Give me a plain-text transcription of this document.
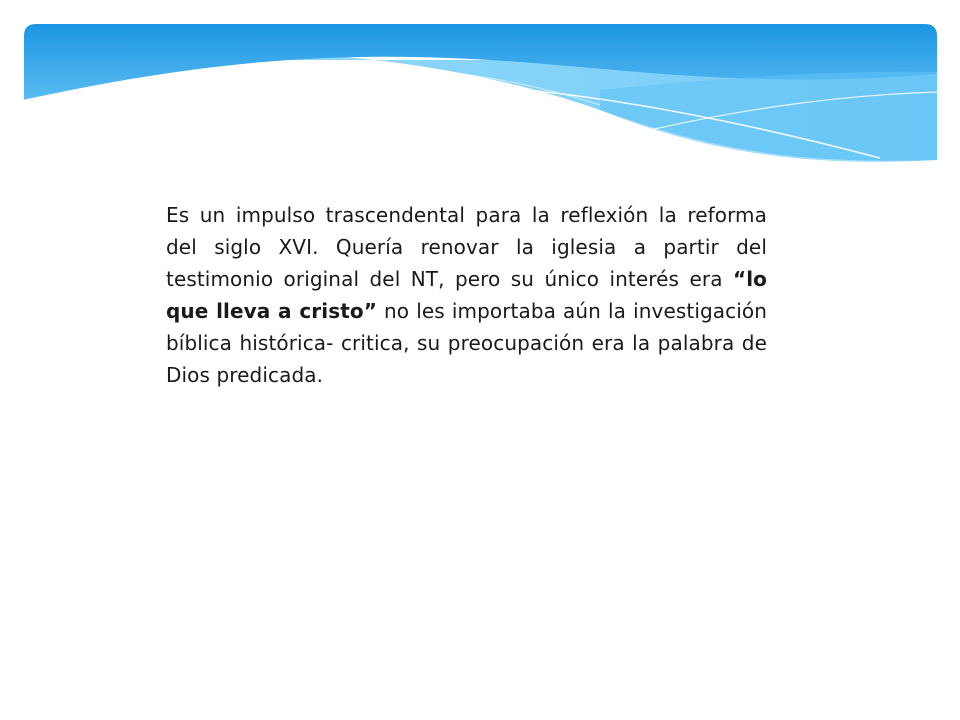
Es un impulso trascendental para la reflexión la reforma del siglo XVI. Quería renovar la iglesia a partir del testimonio original del NT, pero su único interés era “lo que lleva a cristo” no les importaba aún la investigación bíblica histórica- critica, su preocupación era la palabra de Dios predicada.
